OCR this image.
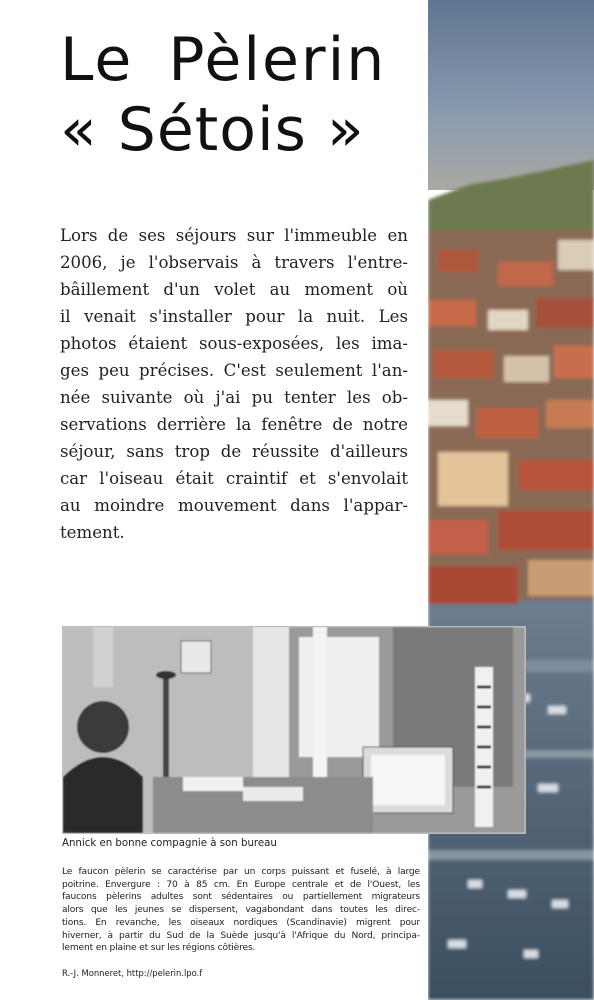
Le Pèlerin
« Sétois »
Lors de ses séjours sur l'immeuble en
2006, je l'observais à travers l'entre-
bâillement d'un volet au moment où
il venait s'installer pour la nuit. Les
photos étaient sous-exposées, les ima-
ges peu précises. C'est seulement l'an-
née suivante où j'ai pu tenter les ob-
servations derrière la fenêtre de notre
séjour, sans trop de réussite d'ailleurs
car l'oiseau était craintif et s'envolait
au moindre mouvement dans l'appar-
tement.
Annick en bonne compagnie à son bureau
Le faucon pèlerin se caractérise par un corps puissant et fuselé, à large
poitrine. Envergure : 70 à 85 cm. En Europe centrale et de l'Ouest, les
faucons pèlerins adultes sont sédentaires ou partiellement migrateurs
alors que les jeunes se dispersent, vagabondant dans toutes les direc-
tions. En revanche, les oiseaux nordiques (Scandinavie) migrent pour
hiverner, à partir du Sud de la Suède jusqu'à l'Afrique du Nord, principa-
lement en plaine et sur les régions côtières.
R.-J. Monneret, http://pelerin.lpo.f
